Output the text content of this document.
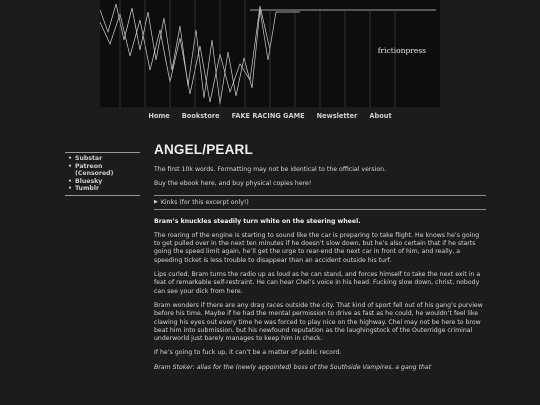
frictionpress
Home Bookstore FAKE RACING GAME Newsletter About
• Substar
• Patreon
(Censored)
• Bluesky
• Tumblr
ANGEL/PEARL

The first 10k words. Formatting may not be identical to the official version.

Buy the ebook here, and buy physical copies here!

▶ Kinks (for this excerpt only!)

Bram’s knuckles steadily turn white on the steering wheel.

The roaring of the engine is starting to sound like the car is preparing to take flight. He knows he’s going to get pulled over in the next ten minutes if he doesn’t slow down, but he’s also certain that if he starts going the speed limit again, he’ll get the urge to rear-end the next car in front of him, and really, a speeding ticket is less trouble to disappear than an accident outside his turf.

Lips curled, Bram turns the radio up as loud as he can stand, and forces himself to take the next exit in a feat of remarkable self-restraint. He can hear Chel’s voice in his head. Fucking slow down, christ, nobody can see your dick from here.

Bram wonders if there are any drag races outside the city. That kind of sport fell out of his gang’s purview before his time. Maybe if he had the mental permission to drive as fast as he could, he wouldn’t feel like clawing his eyes out every time he was forced to play nice on the highway. Chel may not be here to brow beat him into submission, but his newfound reputation as the laughingstock of the Outerridge criminal underworld just barely manages to keep him in check.

If he’s going to fuck up, it can’t be a matter of public record.

Bram Stoker: alias for the (newly appointed) boss of the Southside Vampires, a gang that
